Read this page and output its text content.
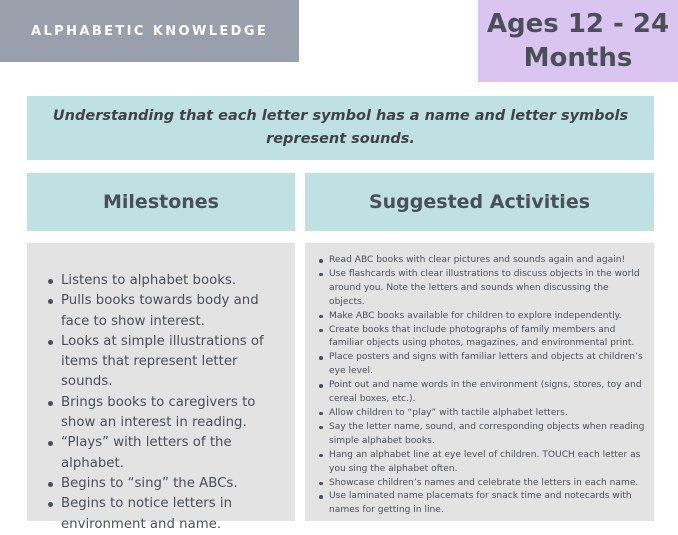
ALPHABETIC KNOWLEDGE	Ages 12 - 24
Months
Understanding that each letter symbol has a name and letter symbols represent sounds.
Milestones	Suggested Activities
Listens to alphabet books.
Pulls books towards body and face to show interest.
Looks at simple illustrations of items that represent letter sounds.
Brings books to caregivers to show an interest in reading.
“Plays” with letters of the alphabet.
Begins to “sing” the ABCs.
Begins to notice letters in environment and name.
Read ABC books with clear pictures and sounds again and again!
Use flashcards with clear illustrations to discuss objects in the world around you. Note the letters and sounds when discussing the objects.
Make ABC books available for children to explore independently.
Create books that include photographs of family members and familiar objects using photos, magazines, and environmental print.
Place posters and signs with familiar letters and objects at children’s eye level.
Point out and name words in the environment (signs, stores, toy and cereal boxes, etc.).
Allow children to “play” with tactile alphabet letters.
Say the letter name, sound, and corresponding objects when reading simple alphabet books.
Hang an alphabet line at eye level of children. TOUCH each letter as you sing the alphabet often.
Showcase children’s names and celebrate the letters in each name.
Use laminated name placemats for snack time and notecards with names for getting in line.
